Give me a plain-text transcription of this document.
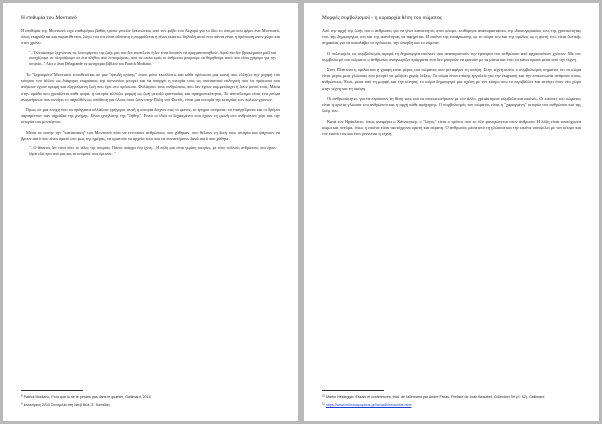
Η επιθυμία του Μοντιανό

Η επιθυμία της Μοντιανό είχε επιθυμήσει βαθύς τρόπο γενεών ξεκινώντας από τον φόβο του Λεχαρό για το ίδιο το όπομο που φέρει ένα Μοντιανό, όπως εκφράζεται και παρατίθενται, λόγω του ότι είναι αδύνατη η εκφράζεται ή είναι εκάστω, δηλαδή αυτό που πάντα είναι η πρόσωση στον χώρο και στον χρόνο.

"...Τελειώσουμε ξεχνώντας τις λεπτομέρειες της ζωής μας που δεν αποτελούν ή δεν είναι δυνατόν να πραγματοποιηθούν. Αφού πια δεν βρισκόμαστε μαζί και συνεχίζουμε να πλησιάζουμε σε ένα πλήθος από λεπτομέρειες, από τα οποία εμείς οι άνθρωποι μπορούμε να θυμηθούμε αυτό που είναι χρήσιμο για την ιστορία..." Λέει ο Jean Delagrande σε κατηγορία βιβλίου του Patrick Modiano.

Το "ξεχασμένο"Μοντιανό τοποθετείται σε μια "ψευδή κρίσης" όπου μόνο εκτελίστω και κάθε πρόσωπο μια κοινή που έλληζει την μορφή του κόσμου του άλλου ως διάφορες εκφράσεις της κοινωνίας μπορεί και να υπάρχει η ιστορία τους ως ουσιαστικά εκλογική που τα πρόσωπα που ανήκουν έχουν κρυφή και εξηγούμενη ζωή που έχει στο πρόσωπο. Φυλάγουν τους ανθρώπους που δεν έχουν συμμετάσχει ή ζουν μονοί τους. Μέσα στην ομάδα που χρειάζεται κάθε φορά, η ιστορία αλλάζει μορφή ως ζωή μεταξύ φαντασίας και πραγματικότητας. Το αποτέλεσμα είναι ένα ρεύμα αναμνήσεων που ανοίγει το παρελθόν ως υπόθεση για όλους όσοι ζουν στην Πόλη του Φωτός, είναι μια ιστορία της ιστορίας των παλιών χρόνων.

Όμως σε μια εποχή που τα πράγματα αλλάζουν γρήγορα, αυτή η ιστορία δείχνει πως οι φωνές, οι έρημοι ονόματα, τα επαγγέλματα και οι δρόμοι παραμένουν σαν σημάδια της μνήμης. Είναι ιχνηλάτης της "λήθης". Είναι οι ίδιοι οι ξεχασμένοι που έχουν τη φωνή στο ανθρώπινο χέρι και την ιστορία του μοντέρνου.

Μέσα σε αυτήν την "κατάσταση" του Μοντιανό πάει να εντοπίσει ανθρώπους που χάθηκαν, που θέλουν τη δική τους ιστορία και ψάχνουν να βρουν αυτό που είναι ορατό στο φως της ημέρας, να κρατούν τα αρχεία τους και να συναντήσουν ξανά αυτό που χάθηκε.

"...Ο θάνατος δεν είναι πότε το τέλος της ιστορίας. Πάντα υπάρχει ένα ίχνος... Η πόλη μας είναι γεμάτη ιστορίες, με τόσο πολλούς ανθρώπους που έχουν ζήσει εδώ πριν από μας και τα ονόματά τους έμειναν..."

$^8$ Patrick Modiano, Pour que tu ne te perdes pas dans le quartier, Gallimard, 2014

$^9$ Ιανουάριος 2010 Συνομιλία στη Ντεβ Βιλέ, Ε. Καναδάς

Μορφές συμβολισμού - η κυριαρχία θέση του σώματος

Από την αρχή της ζωής του ο άνθρωπος για να γίνει κατανοητός στον κόσμο, επιθύμησε αναπαραστάσεις της ιδιοσυγκρασίας του, της χρονικότητας του, της δημιουργίας του και της ικανότητας να αφηγείται. Η εικόνα της ενσάρκωσης ως το σώμα του και της ομιλίας ως η φωνή του, είναι ζωτικής σημασίας για να καταλάβει το πρόσωπο, την ύπαρξη και το σύμπαν.

Ο πολιτισμός ως συμβολισμός αφορά τη δημιουργία εικόνων που αναπαριστούν την εμπειρία του ανθρώπου από αρχαιοτάτων χρόνων. Με τον συμβολισμό του σώματος ο άνθρωπος αναγνωρίζει πράγματα που δεν μπορούν να φανούν με τα μάτια και έτσι τα κάνει ορατά μέσα από την τέχνη.

Στον Πλάτωνα η ομιλία και η γραφή είναι μέρος του σώματος που μεταφέρει τη σκέψη. Στην τέχνη αυτός ο συμβολισμός σημαίνει ότι το σώμα είναι μέρος μιας γλώσσας που μπορεί να μιλήσει χωρίς λέξεις. Το σώμα είναι επίσης εργαλείο για την έκφραση και την επικοινωνία ανάμεσα στους ανθρώπους. Έτσι, μέσα από τη μορφή και την κίνηση, το σώμα δημιουργεί μια σχέση με τον κόσμο που το περιβάλλει και ανοίγει έναν νέο χώρο στην τέχνη και τη σκέψη.

Οι ανθρωπότητες, για να περάσουν τη θέση τους και να επικοινωνήσουν με τον άλλο, χρειάστηκαν σύμβολα και εικόνες. Οι εικόνες του σώματος είναι η πρώτη γλώσσα του ανθρώπου και η αρχή κάθε αφήγησης. Ο συμβολισμός του σώματος είναι η "χαραγμένη" ιστορία του ανθρώπου και της ζωής του.

Κατά τον Ηράκλειτο, όπως αναφέρει ο Χάιντεγκερ, ο "λόγος" είναι ο τρόπος που το όλο φανερώνεται στον άνθρωπο. Η λέξη είναι ταυτόχρονα σώμα και πνεύμα, όπως η εικόνα είναι ταυτόχρονα ορατή και αόρατη. Ο άνθρωπος μέσα από τη γλώσσα και την εικόνα συνομιλεί με τον κόσμο και τον εαυτό του και έτσι γεννιέται η τέχνη.

$^{10}$ Martin Heidegger, Essais et conférences, trad. de l'allemand par André Préau. Préface de Jean Beaufret, Collection Tel (n° 52), Gallimard

$^{11}$ https://www.mikrosapoplous.gr/heraclit/heraclitus.html
